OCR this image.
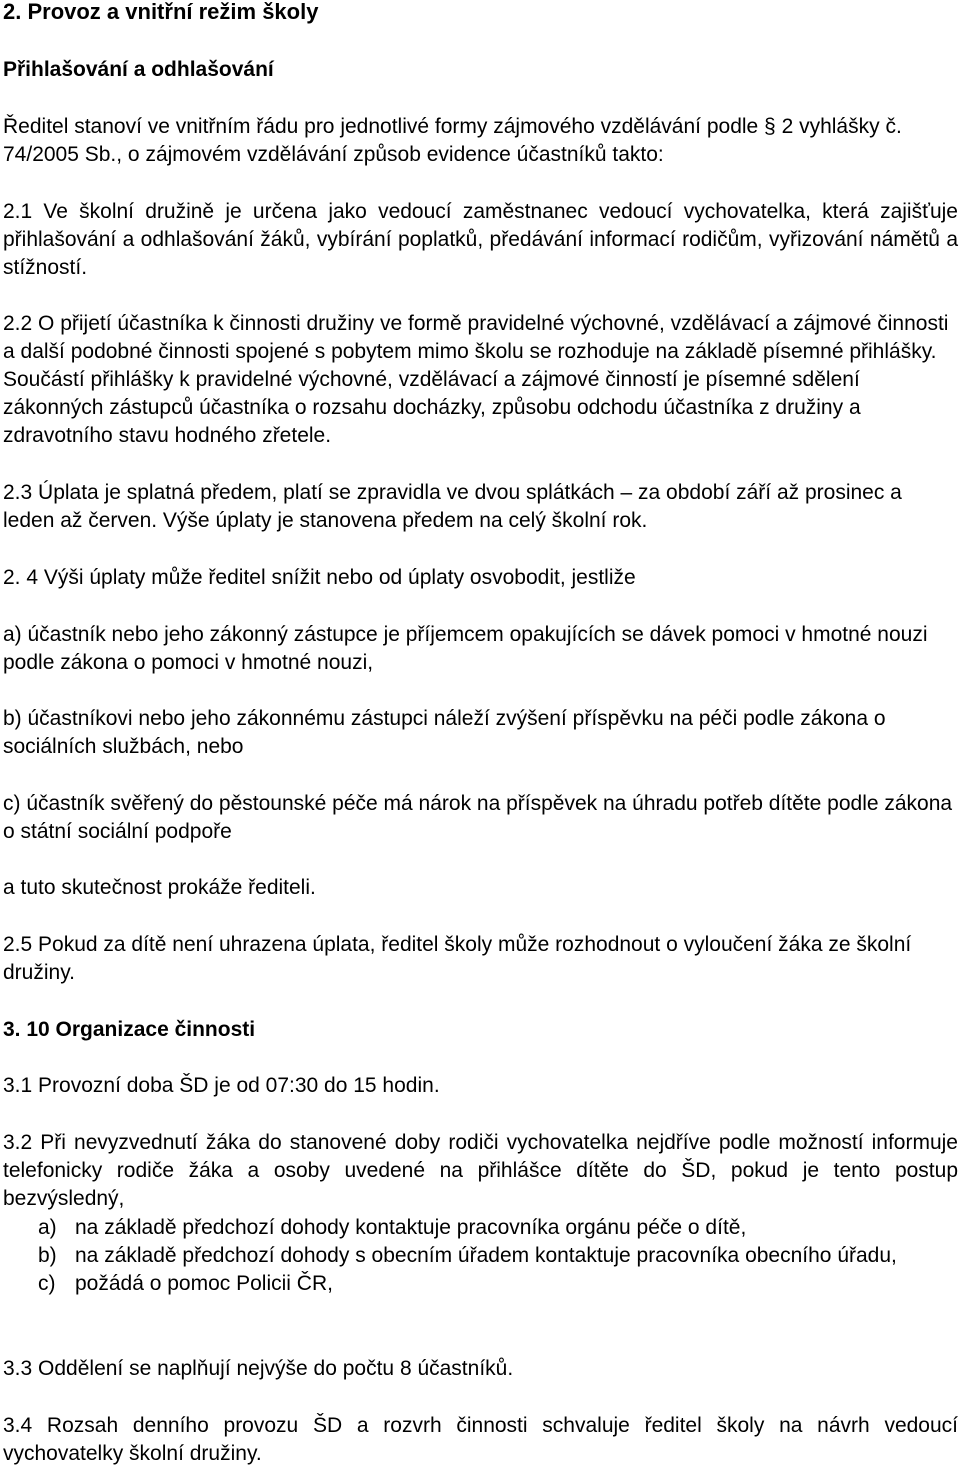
2. Provoz a vnitřní režim školy

Přihlašování a odhlašování

Ředitel stanoví ve vnitřním řádu pro jednotlivé formy zájmového vzdělávání podle § 2 vyhlášky č. 74/2005 Sb., o zájmovém vzdělávání způsob evidence účastníků takto:

2.1 Ve školní družině je určena jako vedoucí zaměstnanec vedoucí vychovatelka, která zajišťuje přihlašování a odhlašování žáků, vybírání poplatků, předávání informací rodičům, vyřizování námětů a stížností.

2.2 O přijetí účastníka k činnosti družiny ve formě pravidelné výchovné, vzdělávací a zájmové činnosti a další podobné činnosti spojené s pobytem mimo školu se rozhoduje na základě písemné přihlášky. Součástí přihlášky k pravidelné výchovné, vzdělávací a zájmové činností je písemné sdělení zákonných zástupců účastníka o rozsahu docházky, způsobu odchodu účastníka z družiny a zdravotního stavu hodného zřetele.

2.3 Úplata je splatná předem, platí se zpravidla ve dvou splátkách – za období září až prosinec a leden až červen. Výše úplaty je stanovena předem na celý školní rok.

2. 4 Výši úplaty může ředitel snížit nebo od úplaty osvobodit, jestliže

a) účastník nebo jeho zákonný zástupce je příjemcem opakujících se dávek pomoci v hmotné nouzi podle zákona o pomoci v hmotné nouzi,

b) účastníkovi nebo jeho zákonnému zástupci náleží zvýšení příspěvku na péči podle zákona o sociálních službách, nebo

c) účastník svěřený do pěstounské péče má nárok na příspěvek na úhradu potřeb dítěte podle zákona o státní sociální podpoře

a tuto skutečnost prokáže řediteli.

2.5 Pokud za dítě není uhrazena úplata, ředitel školy může rozhodnout o vyloučení žáka ze školní družiny.

3. 10 Organizace činnosti

3.1 Provozní doba ŠD je od 07:30 do 15 hodin.

3.2 Při nevyzvednutí žáka do stanovené doby rodiči vychovatelka nejdříve podle možností informuje telefonicky rodiče žáka a osoby uvedené na přihlášce dítěte do ŠD, pokud je tento postup bezvýsledný,

a) na základě předchozí dohody kontaktuje pracovníka orgánu péče o dítě,
b) na základě předchozí dohody s obecním úřadem kontaktuje pracovníka obecního úřadu,
c) požádá o pomoc Policii ČR,

3.3 Oddělení se naplňují nejvýše do počtu 8 účastníků.

3.4 Rozsah denního provozu ŠD a rozvrh činnosti schvaluje ředitel školy na návrh vedoucí vychovatelky školní družiny.
